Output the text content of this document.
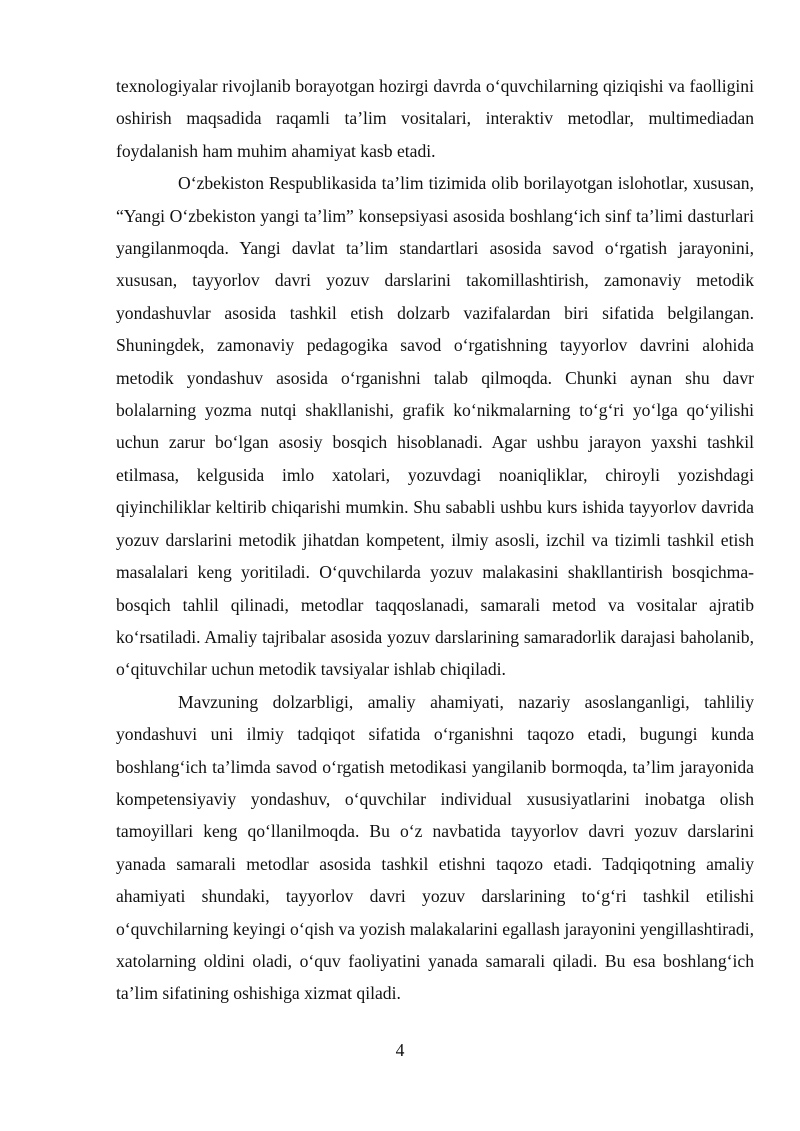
texnologiyalar rivojlanib borayotgan hozirgi davrda o‘quvchilarning qiziqishi va faolligini oshirish maqsadida raqamli ta’lim vositalari, interaktiv metodlar, multimediadan foydalanish ham muhim ahamiyat kasb etadi.

O‘zbekiston Respublikasida ta’lim tizimida olib borilayotgan islohotlar, xususan, “Yangi O‘zbekiston yangi ta’lim” konsepsiyasi asosida boshlang‘ich sinf ta’limi dasturlari yangilanmoqda. Yangi davlat ta’lim standartlari asosida savod o‘rgatish jarayonini, xususan, tayyorlov davri yozuv darslarini takomillashtirish, zamonaviy metodik yondashuvlar asosida tashkil etish dolzarb vazifalardan biri sifatida belgilangan. Shuningdek, zamonaviy pedagogika savod o‘rgatishning tayyorlov davrini alohida metodik yondashuv asosida o‘rganishni talab qilmoqda. Chunki aynan shu davr bolalarning yozma nutqi shakllanishi, grafik ko‘nikmalarning to‘g‘ri yo‘lga qo‘yilishi uchun zarur bo‘lgan asosiy bosqich hisoblanadi. Agar ushbu jarayon yaxshi tashkil etilmasa, kelgusida imlo xatolari, yozuvdagi noaniqliklar, chiroyli yozishdagi qiyinchiliklar keltirib chiqarishi mumkin. Shu sababli ushbu kurs ishida tayyorlov davrida yozuv darslarini metodik jihatdan kompetent, ilmiy asosli, izchil va tizimli tashkil etish masalalari keng yoritiladi. O‘quvchilarda yozuv malakasini shakllantirish bosqichma-bosqich tahlil qilinadi, metodlar taqqoslanadi, samarali metod va vositalar ajratib ko‘rsatiladi. Amaliy tajribalar asosida yozuv darslarining samaradorlik darajasi baholanib, o‘qituvchilar uchun metodik tavsiyalar ishlab chiqiladi.

Mavzuning dolzarbligi, amaliy ahamiyati, nazariy asoslanganligi, tahliliy yondashuvi uni ilmiy tadqiqot sifatida o‘rganishni taqozo etadi, bugungi kunda boshlang‘ich ta’limda savod o‘rgatish metodikasi yangilanib bormoqda, ta’lim jarayonida kompetensiyaviy yondashuv, o‘quvchilar individual xususiyatlarini inobatga olish tamoyillari keng qo‘llanilmoqda. Bu o‘z navbatida tayyorlov davri yozuv darslarini yanada samarali metodlar asosida tashkil etishni taqozo etadi. Tadqiqotning amaliy ahamiyati shundaki, tayyorlov davri yozuv darslarining to‘g‘ri tashkil etilishi o‘quvchilarning keyingi o‘qish va yozish malakalarini egallash jarayonini yengillashtiradi, xatolarning oldini oladi, o‘quv faoliyatini yanada samarali qiladi. Bu esa boshlang‘ich ta’lim sifatining oshishiga xizmat qiladi.

4
